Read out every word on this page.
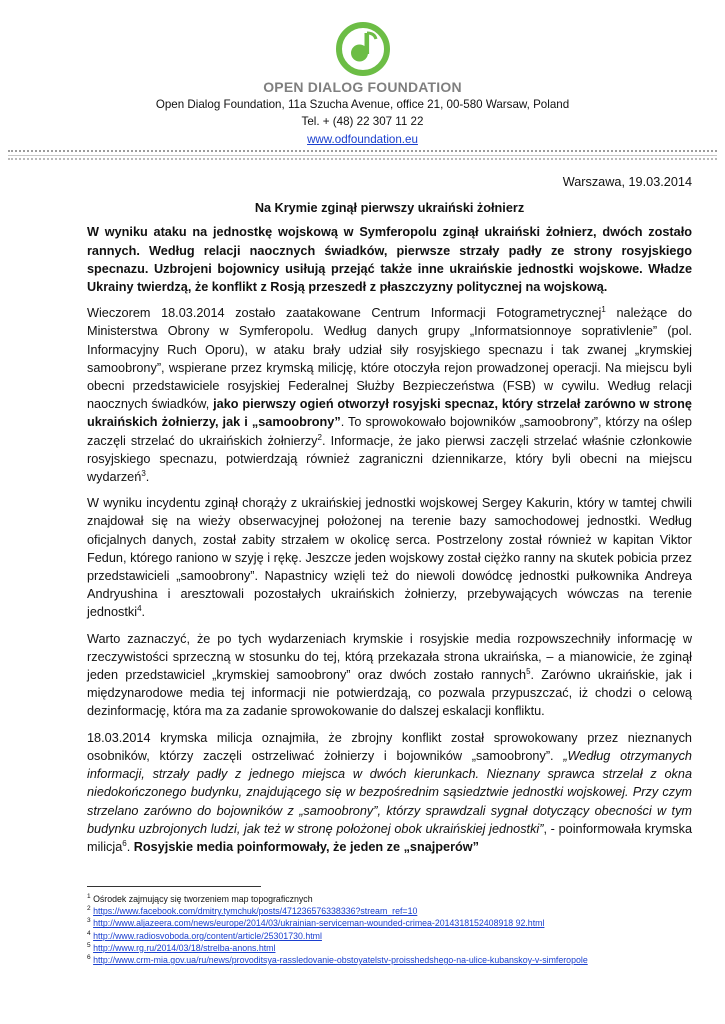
OPEN DIALOG FOUNDATION
Open Dialog Foundation, 11a Szucha Avenue, office 21, 00-580 Warsaw, Poland
Tel. + (48) 22 307 11 22
www.odfoundation.eu

Warszawa, 19.03.2014

Na Krymie zginął pierwszy ukraiński żołnierz

W wyniku ataku na jednostkę wojskową w Symferopolu zginął ukraiński żołnierz, dwóch zostało rannych. Według relacji naocznych świadków, pierwsze strzały padły ze strony rosyjskiego specnazu. Uzbrojeni bojownicy usiłują przejąć także inne ukraińskie jednostki wojskowe. Władze Ukrainy twierdzą, że konflikt z Rosją przeszedł z płaszczyzny politycznej na wojskową.

Wieczorem 18.03.2014 zostało zaatakowane Centrum Informacji Fotogrametrycznej$^1$ należące do Ministerstwa Obrony w Symferopolu. Według danych grupy „Informatsionnoye sopratіvlenie” (pol. Informacyjny Ruch Oporu), w ataku brały udział siły rosyjskiego specnazu i tak zwanej „krymskiej samoobrony”, wspierane przez krymską milicję, które otoczyła rejon prowadzonej operacji. Na miejscu byli obecni przedstawiciele rosyjskiej Federalnej Służby Bezpieczeństwa (FSB) w cywilu. Według relacji naocznych świadków, jako pierwszy ogień otworzył rosyjski specnaz, który strzelał zarówno w stronę ukraińskich żołnierzy, jak i „samoobrony”. To sprowokowało bojowników „samoobrony”, którzy na oślep zaczęli strzelać do ukraińskich żołnierzy$^2$. Informacje, że jako pierwsi zaczęli strzelać właśnie członkowie rosyjskiego specnazu, potwierdzają również zagraniczni dziennikarze, który byli obecni na miejscu wydarzeń$^3$.

W wyniku incydentu zginął chorąży z ukraińskiej jednostki wojskowej Sergey Kakurin, który w tamtej chwili znajdował się na wieży obserwacyjnej położonej na terenie bazy samochodowej jednostki. Według oficjalnych danych, został zabity strzałem w okolicę serca. Postrzelony został również w kapitan Viktor Fedun, którego raniono w szyję i rękę. Jeszcze jeden wojskowy został ciężko ranny na skutek pobicia przez przedstawicieli „samoobrony”. Napastnicy wzięli też do niewoli dowódcę jednostki pułkownika Andreya Andryushina i aresztowali pozostałych ukraińskich żołnierzy, przebywających wówczas na terenie jednostki$^4$.

Warto zaznaczyć, że po tych wydarzeniach krymskie i rosyjskie media rozpowszechniły informację w rzeczywistości sprzeczną w stosunku do tej, którą przekazała strona ukraińska, – a mianowicie, że zginął jeden przedstawiciel „krymskiej samoobrony” oraz dwóch zostało rannych$^5$. Zarówno ukraińskie, jak i międzynarodowe media tej informacji nie potwierdzają, co pozwala przypuszczać, iż chodzi o celową dezinformację, która ma za zadanie sprowokowanie do dalszej eskalacji konfliktu.

18.03.2014 krymska milicja oznajmiła, że zbrojny konflikt został sprowokowany przez nieznanych osobników, którzy zaczęli ostrzeliwać żołnierzy i bojowników „samoobrony”. „Według otrzymanych informacji, strzały padły z jednego miejsca w dwóch kierunkach. Nieznany sprawca strzelał z okna niedokończonego budynku, znajdującego się w bezpośrednim sąsiedztwie jednostki wojskowej. Przy czym strzelano zarówno do bojowników z „samoobrony”, którzy sprawdzali sygnał dotyczący obecności w tym budynku uzbrojonych ludzi, jak też w stronę położonej obok ukraińskiej jednostki”, - poinformowała krymska milicja$^6$. Rosyjskie media poinformowały, że jeden ze „snajperów”

$^1$ Ośrodek zajmujący się tworzeniem map topograficznych
$^2$ https://www.facebook.com/dmitry.tymchuk/posts/471236576338336?stream_ref=10
$^3$ http://www.aljazeera.com/news/europe/2014/03/ukrainian-serviceman-wounded-crimea-2014318152408918 92.html
$^4$ http://www.radiosvoboda.org/content/article/25301730.html
$^5$ http://www.rg.ru/2014/03/18/strelba-anons.html
$^6$ http://www.crm-mia.gov.ua/ru/news/provoditsya-rassledovanie-obstoyatelstv-proisshedshego-na-ulice-kubanskoy-v-simferopole
